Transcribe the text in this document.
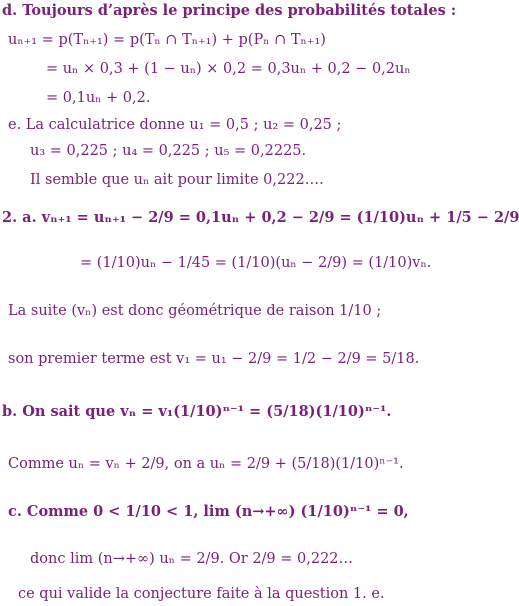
d. Toujours d’après le principe des probabilités totales :
uₙ₊₁ = p(Tₙ₊₁) = p(Tₙ ∩ Tₙ₊₁) + p(Pₙ ∩ Tₙ₊₁)
= uₙ × 0,3 + (1 − uₙ) × 0,2 = 0,3uₙ + 0,2 − 0,2uₙ
= 0,1uₙ + 0,2.
e. La calculatrice donne u₁ = 0,5 ; u₂ = 0,25 ;
u₃ = 0,225 ; u₄ = 0,225 ; u₅ = 0,2225.
Il semble que uₙ ait pour limite 0,222….
2. a. vₙ₊₁ = uₙ₊₁ − 2/9 = 0,1uₙ + 0,2 − 2/9 = (1/10)uₙ + 1/5 − 2/9
= (1/10)uₙ − 1/45 = (1/10)(uₙ − 2/9) = (1/10)vₙ.
La suite (vₙ) est donc géométrique de raison 1/10 ;
son premier terme est v₁ = u₁ − 2/9 = 1/2 − 2/9 = 5/18.
b. On sait que vₙ = v₁(1/10)ⁿ⁻¹ = (5/18)(1/10)ⁿ⁻¹.
Comme uₙ = vₙ + 2/9, on a uₙ = 2/9 + (5/18)(1/10)ⁿ⁻¹.
c. Comme 0 < 1/10 < 1, lim (n→+∞) (1/10)ⁿ⁻¹ = 0,
donc lim (n→+∞) uₙ = 2/9. Or 2/9 = 0,222…
ce qui valide la conjecture faite à la question 1. e.
